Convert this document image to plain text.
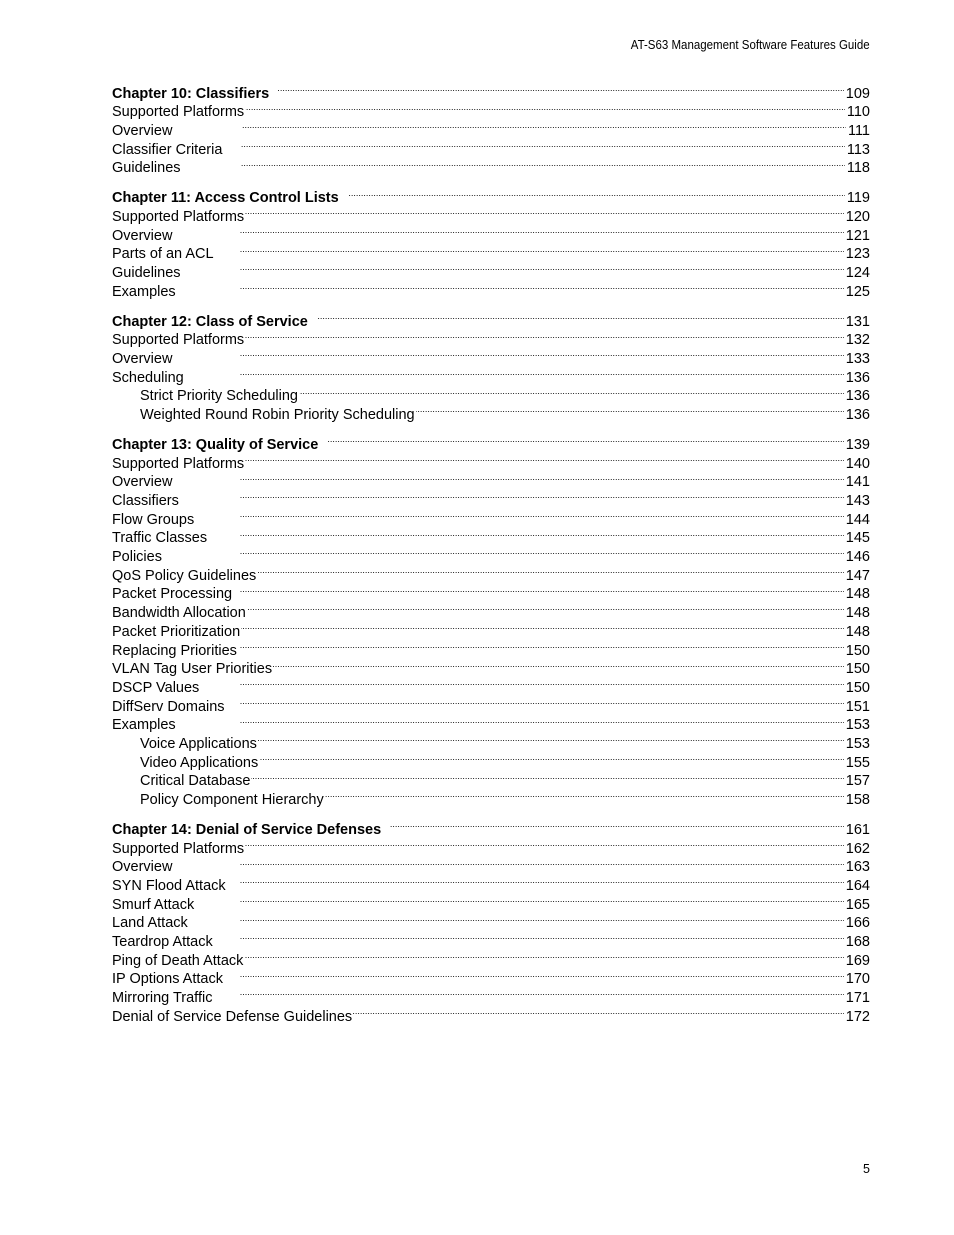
AT-S63 Management Software Features Guide
Chapter 10: Classifiers . . .	109
Supported Platforms . . .	110
Overview . . .	111
Classifier Criteria . . .	113
Guidelines . . .	118
Chapter 11: Access Control Lists . . .	119
Supported Platforms . . .	120
Overview . . .	121
Parts of an ACL . . .	123
Guidelines . . .	124
Examples . . .	125
Chapter 12: Class of Service . . .	131
Supported Platforms . . .	132
Overview . . .	133
Scheduling . . .	136
Strict Priority Scheduling . . .	136
Weighted Round Robin Priority Scheduling . . .	136
Chapter 13: Quality of Service . . .	139
Supported Platforms . . .	140
Overview . . .	141
Classifiers . . .	143
Flow Groups . . .	144
Traffic Classes . . .	145
Policies . . .	146
QoS Policy Guidelines . . .	147
Packet Processing . . .	148
Bandwidth Allocation . . .	148
Packet Prioritization . . .	148
Replacing Priorities . . .	150
VLAN Tag User Priorities . . .	150
DSCP Values . . .	150
DiffServ Domains . . .	151
Examples . . .	153
Voice Applications . . .	153
Video Applications . . .	155
Critical Database . . .	157
Policy Component Hierarchy . . .	158
Chapter 14: Denial of Service Defenses . . .	161
Supported Platforms . . .	162
Overview . . .	163
SYN Flood Attack . . .	164
Smurf Attack . . .	165
Land Attack . . .	166
Teardrop Attack . . .	168
Ping of Death Attack . . .	169
IP Options Attack . . .	170
Mirroring Traffic . . .	171
Denial of Service Defense Guidelines . . .	172
5
